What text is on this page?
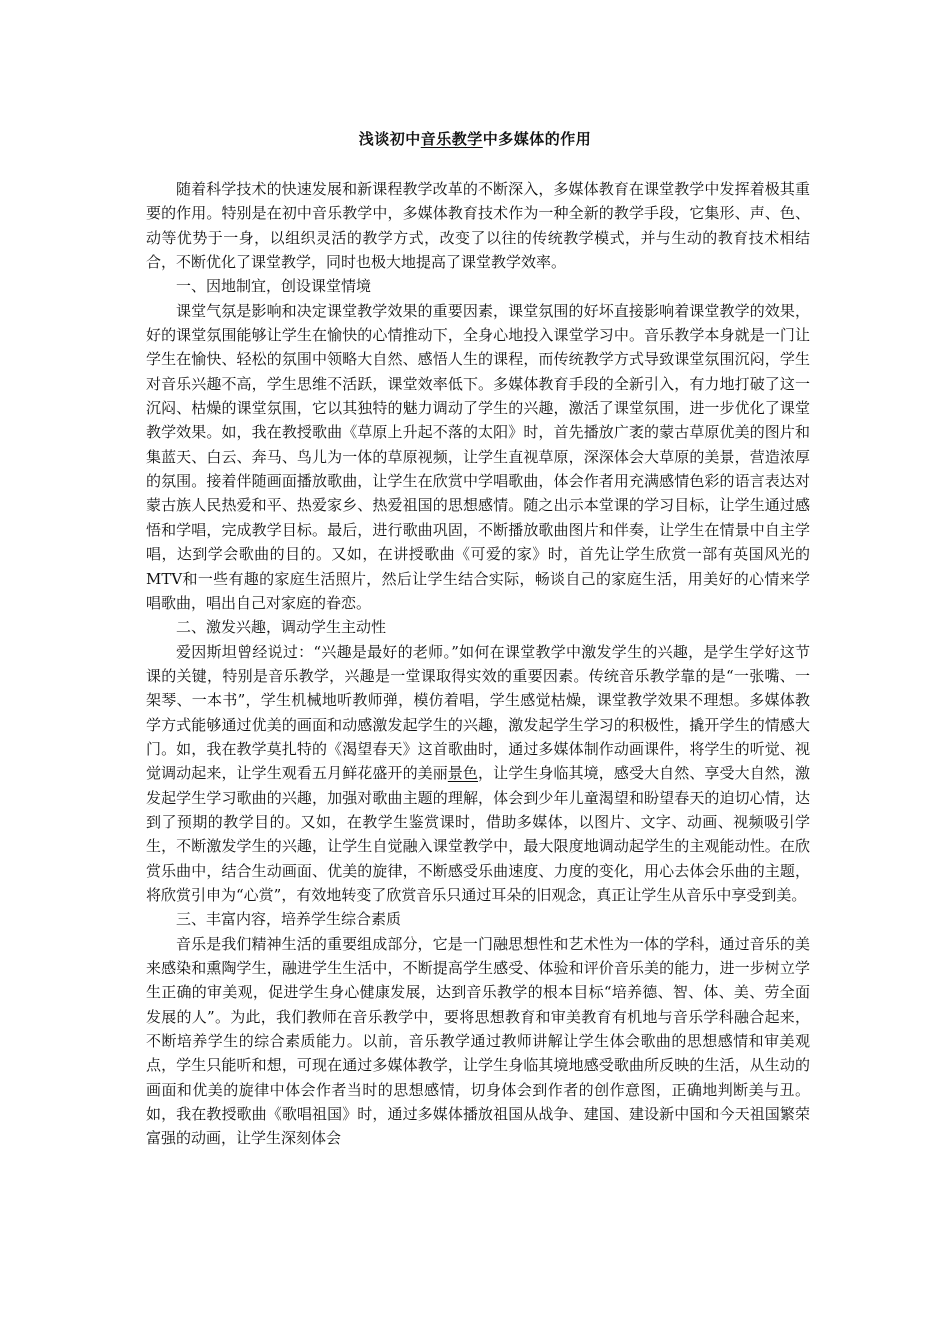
浅谈初中音乐教学中多媒体的作用

随着科学技术的快速发展和新课程教学改革的不断深入，多媒体教育在课堂教学中发挥着极其重要的作用。特别是在初中音乐教学中，多媒体教育技术作为一种全新的教学手段，它集形、声、色、动等优势于一身，以组织灵活的教学方式，改变了以往的传统教学模式，并与生动的教育技术相结合，不断优化了课堂教学，同时也极大地提高了课堂教学效率。

一、因地制宜，创设课堂情境

课堂气氛是影响和决定课堂教学效果的重要因素，课堂氛围的好坏直接影响着课堂教学的效果，好的课堂氛围能够让学生在愉快的心情推动下，全身心地投入课堂学习中。音乐教学本身就是一门让学生在愉快、轻松的氛围中领略大自然、感悟人生的课程，而传统教学方式导致课堂氛围沉闷，学生对音乐兴趣不高，学生思维不活跃，课堂效率低下。多媒体教育手段的全新引入，有力地打破了这一沉闷、枯燥的课堂氛围，它以其独特的魅力调动了学生的兴趣，激活了课堂氛围，进一步优化了课堂教学效果。如，我在教授歌曲《草原上升起不落的太阳》时，首先播放广袤的蒙古草原优美的图片和集蓝天、白云、奔马、鸟儿为一体的草原视频，让学生直视草原，深深体会大草原的美景，营造浓厚的氛围。接着伴随画面播放歌曲，让学生在欣赏中学唱歌曲，体会作者用充满感情色彩的语言表达对蒙古族人民热爱和平、热爱家乡、热爱祖国的思想感情。随之出示本堂课的学习目标，让学生通过感悟和学唱，完成教学目标。最后，进行歌曲巩固，不断播放歌曲图片和伴奏，让学生在情景中自主学唱，达到学会歌曲的目的。又如，在讲授歌曲《可爱的家》时，首先让学生欣赏一部有英国风光的MTV和一些有趣的家庭生活照片，然后让学生结合实际，畅谈自己的家庭生活，用美好的心情来学唱歌曲，唱出自己对家庭的眷恋。

二、激发兴趣，调动学生主动性

爱因斯坦曾经说过：“兴趣是最好的老师。”如何在课堂教学中激发学生的兴趣，是学生学好这节课的关键，特别是音乐教学，兴趣是一堂课取得实效的重要因素。传统音乐教学靠的是“一张嘴、一架琴、一本书”，学生机械地听教师弹，模仿着唱，学生感觉枯燥，课堂教学效果不理想。多媒体教学方式能够通过优美的画面和动感激发起学生的兴趣，激发起学生学习的积极性，撬开学生的情感大门。如，我在教学莫扎特的《渴望春天》这首歌曲时，通过多媒体制作动画课件，将学生的听觉、视觉调动起来，让学生观看五月鲜花盛开的美丽景色，让学生身临其境，感受大自然、享受大自然，激发起学生学习歌曲的兴趣，加强对歌曲主题的理解，体会到少年儿童渴望和盼望春天的迫切心情，达到了预期的教学目的。又如，在教学生鉴赏课时，借助多媒体，以图片、文字、动画、视频吸引学生，不断激发学生的兴趣，让学生自觉融入课堂教学中，最大限度地调动起学生的主观能动性。在欣赏乐曲中，结合生动画面、优美的旋律，不断感受乐曲速度、力度的变化，用心去体会乐曲的主题，将欣赏引申为“心赏”，有效地转变了欣赏音乐只通过耳朵的旧观念，真正让学生从音乐中享受到美。

三、丰富内容，培养学生综合素质

音乐是我们精神生活的重要组成部分，它是一门融思想性和艺术性为一体的学科，通过音乐的美来感染和熏陶学生，融进学生生活中，不断提高学生感受、体验和评价音乐美的能力，进一步树立学生正确的审美观，促进学生身心健康发展，达到音乐教学的根本目标“培养德、智、体、美、劳全面发展的人”。为此，我们教师在音乐教学中，要将思想教育和审美教育有机地与音乐学科融合起来，不断培养学生的综合素质能力。以前，音乐教学通过教师讲解让学生体会歌曲的思想感情和审美观点，学生只能听和想，可现在通过多媒体教学，让学生身临其境地感受歌曲所反映的生活，从生动的画面和优美的旋律中体会作者当时的思想感情，切身体会到作者的创作意图，正确地判断美与丑。如，我在教授歌曲《歌唱祖国》时，通过多媒体播放祖国从战争、建国、建设新中国和今天祖国繁荣富强的动画，让学生深刻体会
